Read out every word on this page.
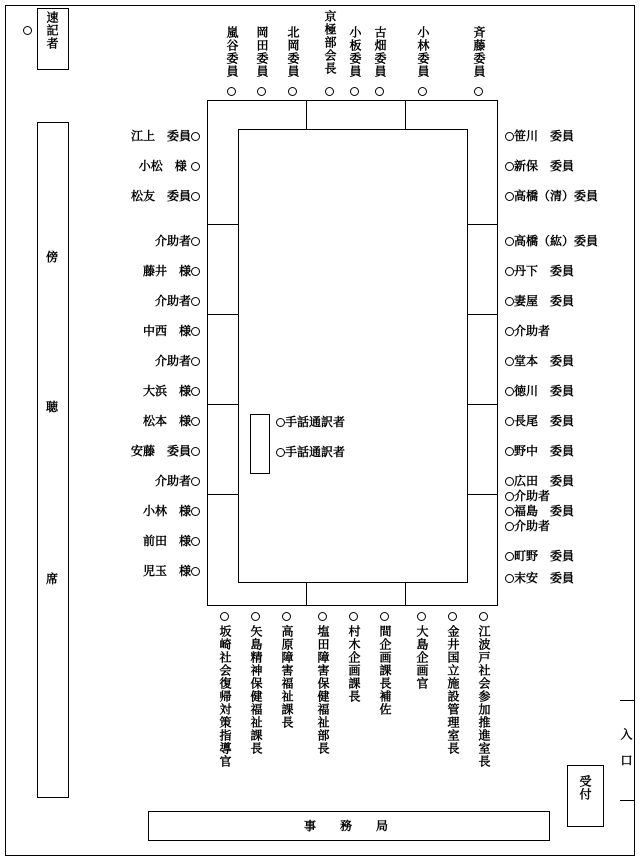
速記者
傍
聴
席
手話通訳者
手話通訳者
嵐谷委員 岡田委員 北岡委員 京極部会長 小板委員 古畑委員 小林委員	斉藤委員
坂崎社会復帰対策指導官 矢島精神保健福祉課長 高原障害福祉課長 塩田障害保健福祉部長 村木企画課長 間企画課長補佐 大島企画官 金井国立施設管理室長 江波戸社会参加推進室長
江上　委員
小松　様
松友　委員
介助者
藤井　様
介助者
中西　様
介助者
大浜　様
松本　様
安藤　委員
介助者
小林　様
前田　様
児玉　様
笹川　委員
新保　委員
高橋（清）委員
高橋（紘）委員
丹下　委員
妻屋　委員
介助者
堂本　委員
徳川　委員
長尾　委員
野中　委員
広田　委員
介助者
福島　委員
介助者
町野　委員
末安　委員
入口
受付
事　務　局
